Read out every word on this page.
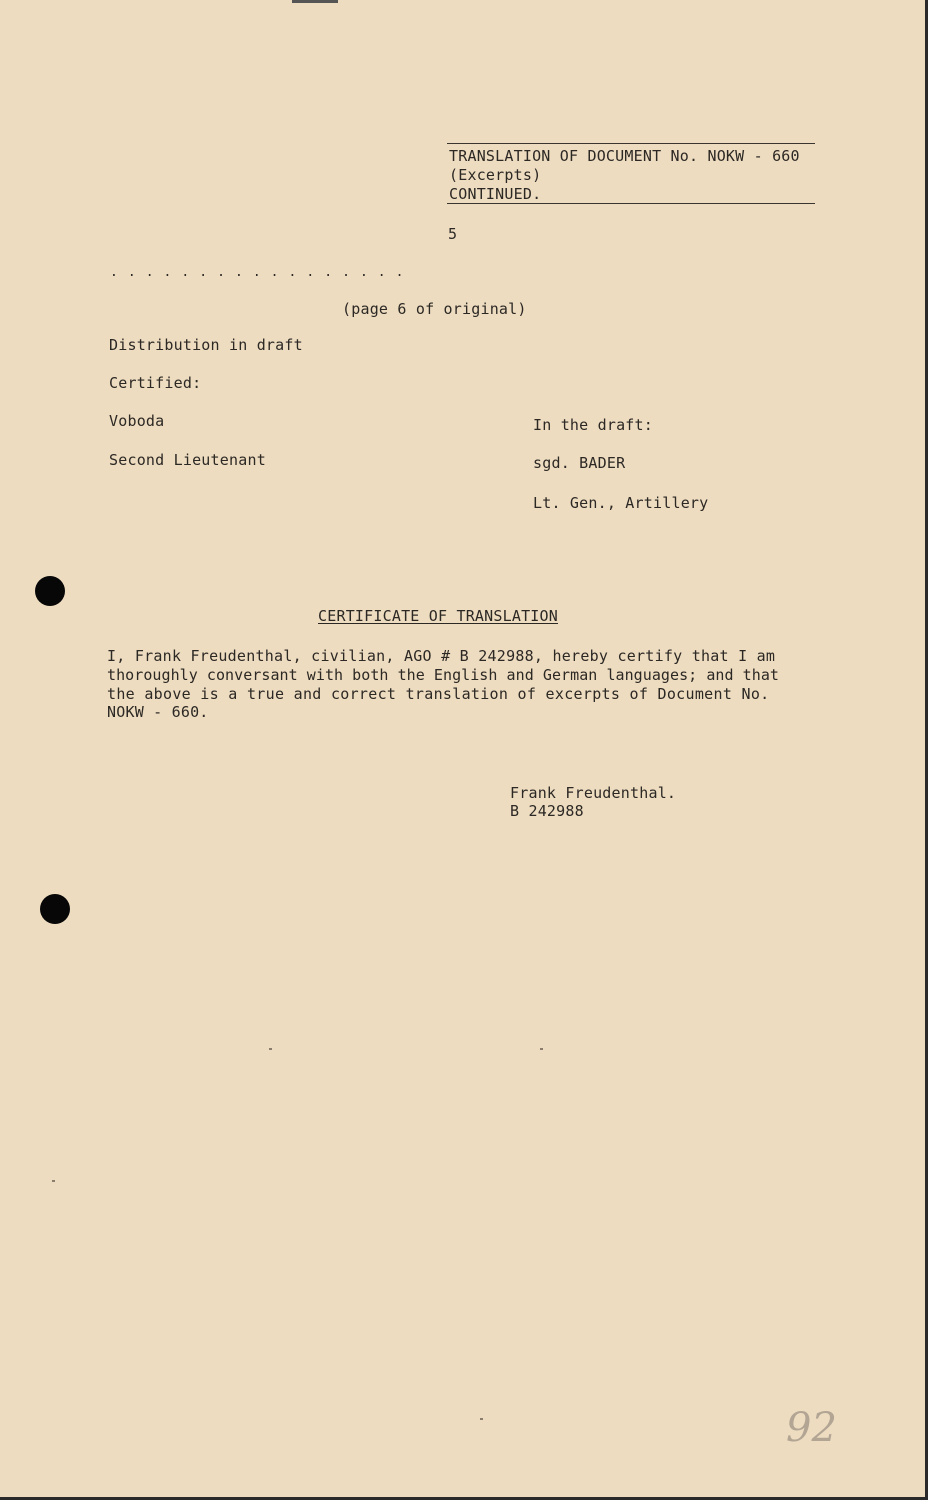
TRANSLATION OF DOCUMENT No. NOKW - 660
(Excerpts)
CONTINUED.
5
. . . . . . . . . . . . . . . . .
(page 6 of original)
Distribution in draft
Certified:
Voboda
Second Lieutenant
In the draft:
sgd. BADER
Lt. Gen., Artillery
CERTIFICATE OF TRANSLATION
I, Frank Freudenthal, civilian, AGO # B 242988, hereby certify that I am
thoroughly conversant with both the English and German languages; and that
the above is a true and correct translation of excerpts of Document No.
NOKW - 660.
Frank Freudenthal.
B 242988
92
